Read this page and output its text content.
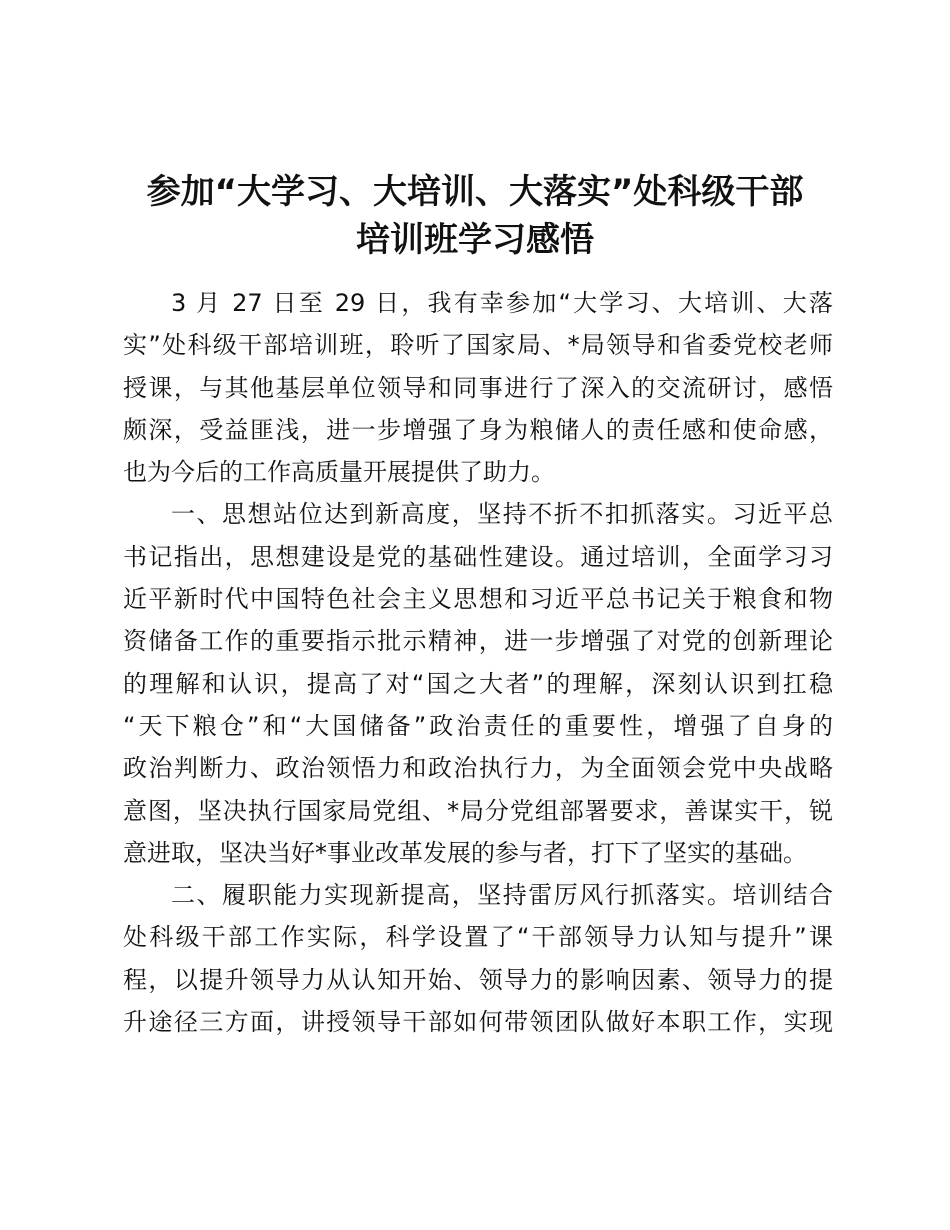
参加“大学习、大培训、大落实”处科级干部
培训班学习感悟
3 月 27 日至 29 日，我有幸参加“大学习、大培训、大落
实”处科级干部培训班，聆听了国家局、*局领导和省委党校老师
授课，与其他基层单位领导和同事进行了深入的交流研讨，感悟
颇深，受益匪浅，进一步增强了身为粮储人的责任感和使命感，
也为今后的工作高质量开展提供了助力。
一、思想站位达到新高度，坚持不折不扣抓落实。习近平总
书记指出，思想建设是党的基础性建设。通过培训，全面学习习
近平新时代中国特色社会主义思想和习近平总书记关于粮食和物
资储备工作的重要指示批示精神，进一步增强了对党的创新理论
的理解和认识，提高了对“国之大者”的理解，深刻认识到扛稳
“天下粮仓”和“大国储备”政治责任的重要性，增强了自身的
政治判断力、政治领悟力和政治执行力，为全面领会党中央战略
意图，坚决执行国家局党组、*局分党组部署要求，善谋实干，锐
意进取，坚决当好*事业改革发展的参与者，打下了坚实的基础。
二、履职能力实现新提高，坚持雷厉风行抓落实。培训结合
处科级干部工作实际，科学设置了“干部领导力认知与提升”课
程，以提升领导力从认知开始、领导力的影响因素、领导力的提
升途径三方面，讲授领导干部如何带领团队做好本职工作，实现
